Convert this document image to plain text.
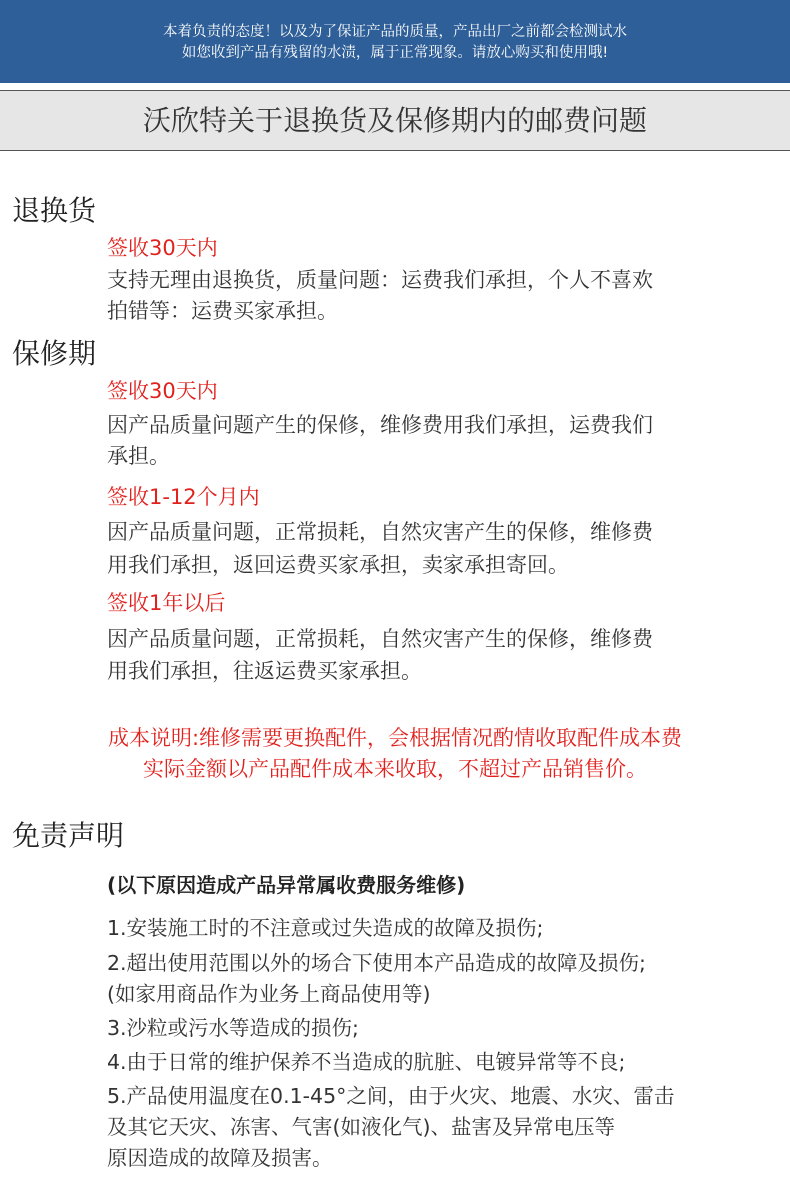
本着负责的态度！以及为了保证产品的质量，产品出厂之前都会检测试水
如您收到产品有残留的水渍，属于正常现象。请放心购买和使用哦!
沃欣特关于退换货及保修期内的邮费问题
退换货
签收30天内
支持无理由退换货，质量问题：运费我们承担，个人不喜欢
拍错等：运费买家承担。
保修期
签收30天内
因产品质量问题产生的保修，维修费用我们承担，运费我们
承担。
签收1-12个月内
因产品质量问题，正常损耗，自然灾害产生的保修，维修费
用我们承担，返回运费买家承担，卖家承担寄回。
签收1年以后
因产品质量问题，正常损耗，自然灾害产生的保修，维修费
用我们承担，往返运费买家承担。
成本说明:维修需要更换配件，会根据情况酌情收取配件成本费
实际金额以产品配件成本来收取，不超过产品销售价。
免责声明
(以下原因造成产品异常属收费服务维修)
1.安装施工时的不注意或过失造成的故障及损伤;
2.超出使用范围以外的场合下使用本产品造成的故障及损伤;
(如家用商品作为业务上商品使用等)
3.沙粒或污水等造成的损伤;
4.由于日常的维护保养不当造成的肮脏、电镀异常等不良;
5.产品使用温度在0.1-45°之间，由于火灾、地震、水灾、雷击
及其它天灾、冻害、气害(如液化气)、盐害及异常电压等
原因造成的故障及损害。
